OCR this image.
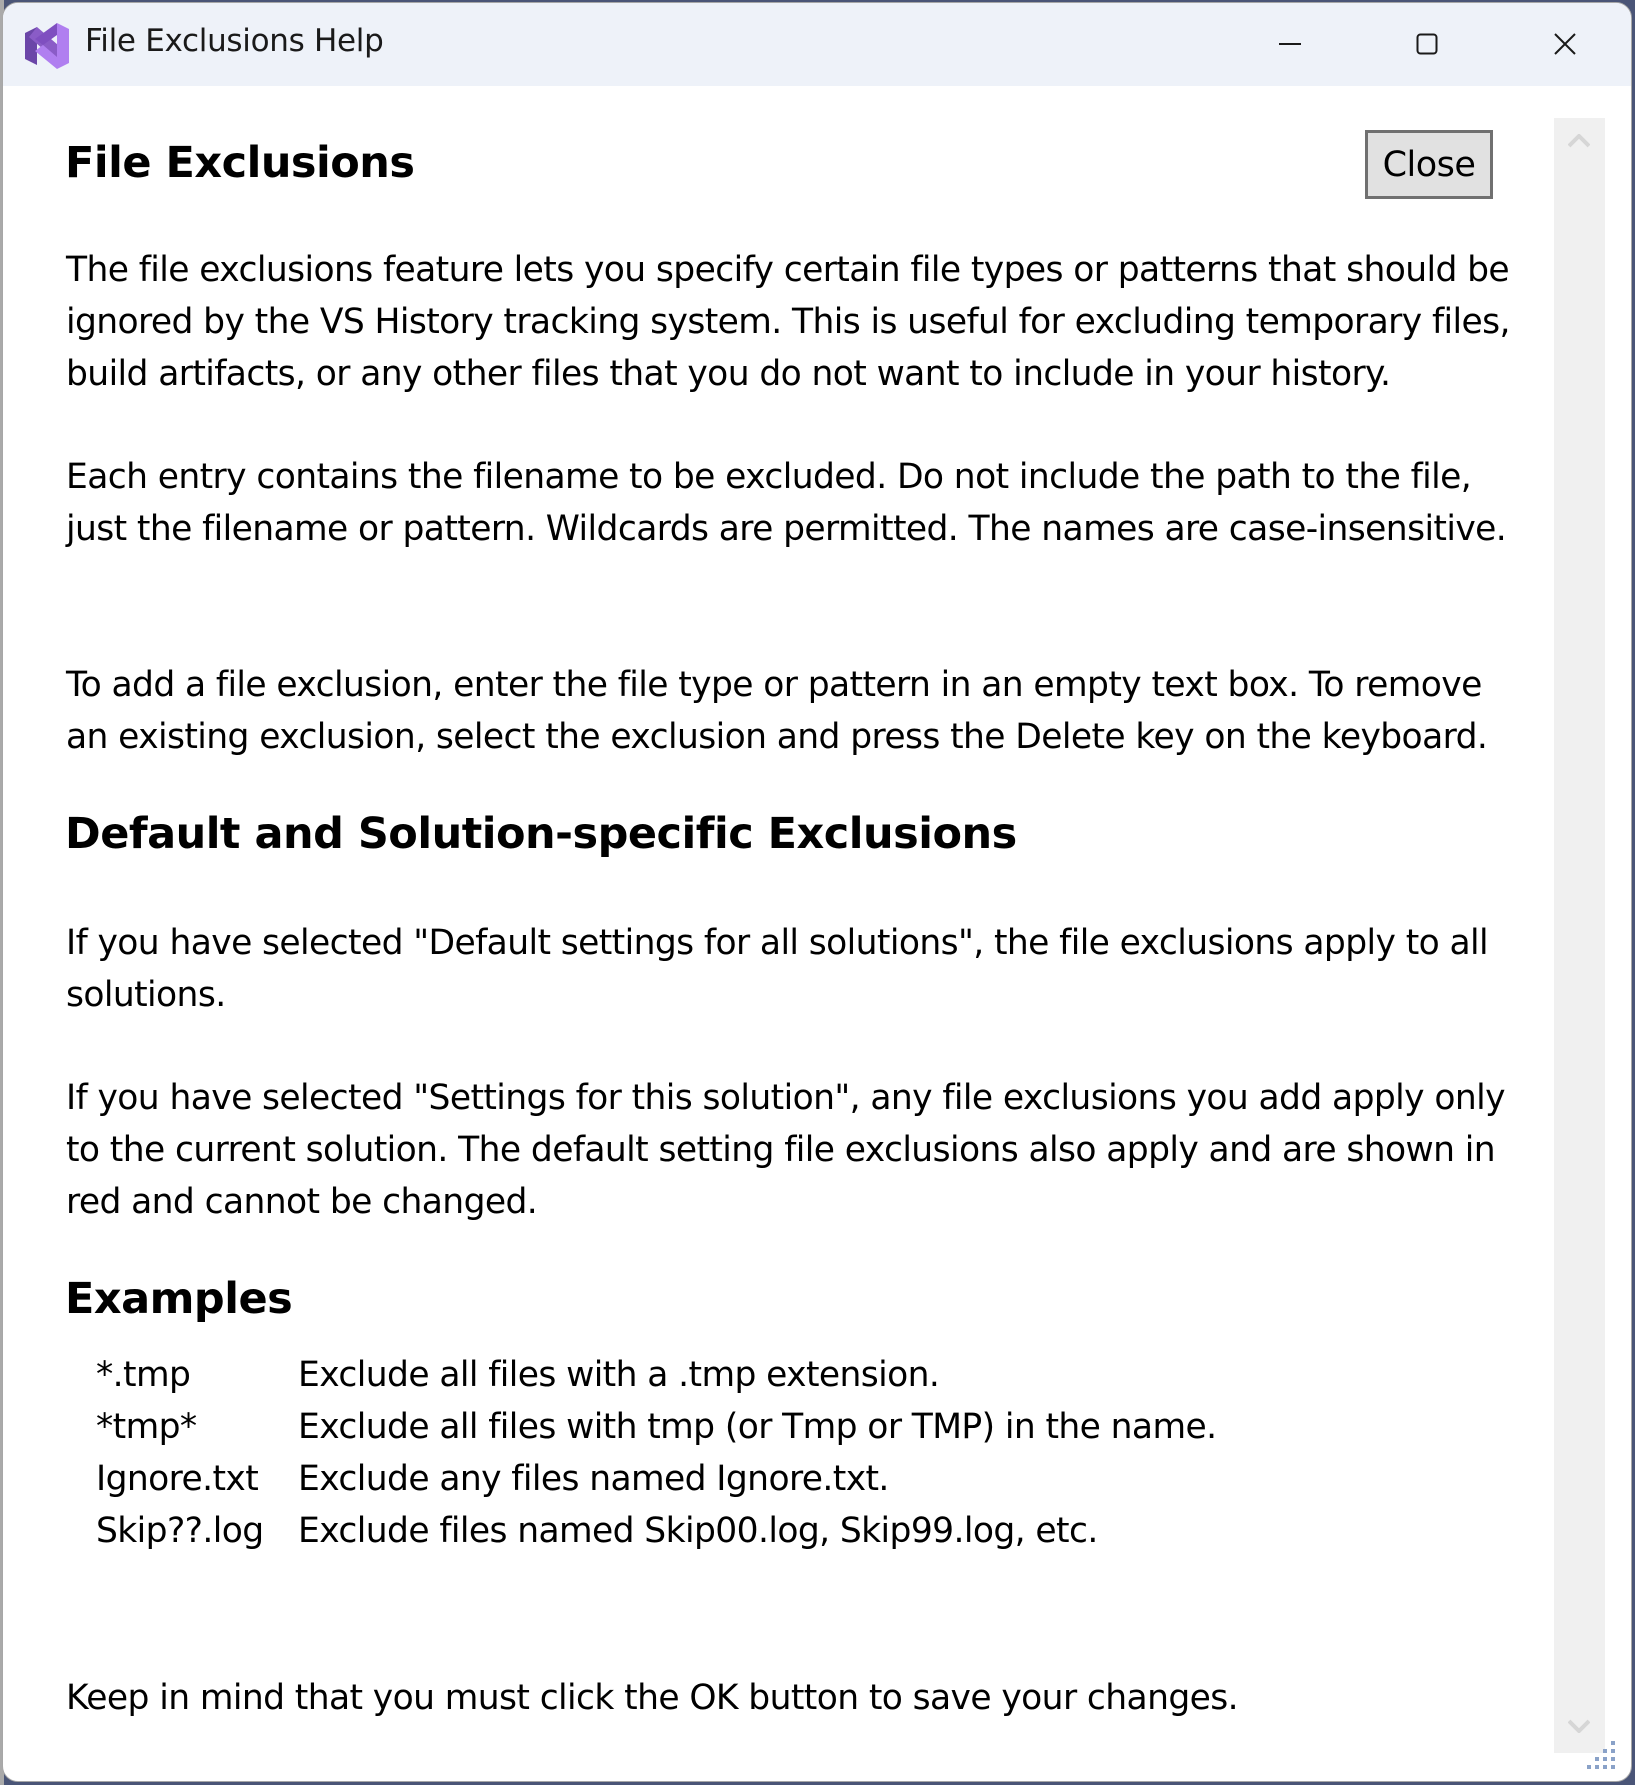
File Exclusions Help
File Exclusions	Close

The file exclusions feature lets you specify certain file types or patterns that should be ignored by the VS History tracking system. This is useful for excluding temporary files, build artifacts, or any other files that you do not want to include in your history.

Each entry contains the filename to be excluded. Do not include the path to the file, just the filename or pattern. Wildcards are permitted. The names are case-insensitive.

To add a file exclusion, enter the file type or pattern in an empty text box. To remove an existing exclusion, select the exclusion and press the Delete key on the keyboard.

Default and Solution-specific Exclusions

If you have selected "Default settings for all solutions", the file exclusions apply to all solutions.

If you have selected "Settings for this solution", any file exclusions you add apply only to the current solution. The default setting file exclusions also apply and are shown in red and cannot be changed.

Examples
*.tmp	Exclude all files with a .tmp extension.
*tmp*	Exclude all files with tmp (or Tmp or TMP) in the name.
Ignore.txt	Exclude any files named Ignore.txt.
Skip??.log Exclude files named Skip00.log, Skip99.log, etc.

Keep in mind that you must click the OK button to save your changes.
